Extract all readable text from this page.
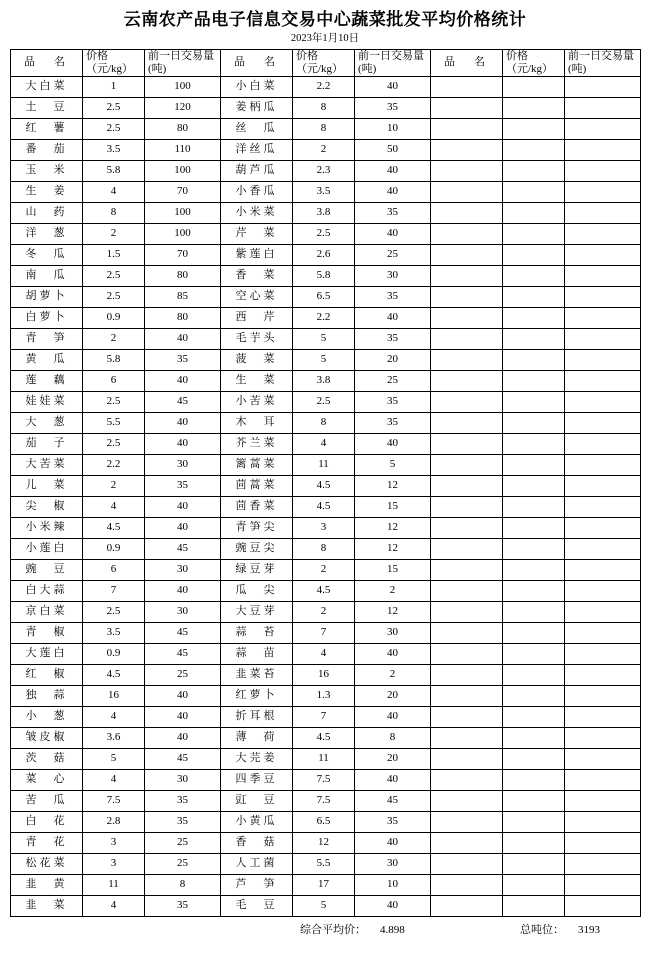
云南农产品电子信息交易中心蔬菜批发平均价格统计
2023年1月10日
品　名	价格（元/kg）	前一日交易量(吨)	品　名	价格（元/kg）	前一日交易量(吨)	品　名	价格（元/kg）	前一日交易量(吨)

大白菜	1	100	小白菜	2.2	40			
土　豆	2.5	120	姜柄瓜	8	35			
红　薯	2.5	80	丝　瓜	8	10			
番　茄	3.5	110	洋丝瓜	2	50			
玉　米	5.8	100	葫芦瓜	2.3	40			
生　姜	4	70	小香瓜	3.5	40			
山　药	8	100	小米菜	3.8	35			
洋　葱	2	100	芹　菜	2.5	40			
冬　瓜	1.5	70	紫莲白	2.6	25			
南　瓜	2.5	80	香　菜	5.8	30			
胡萝卜	2.5	85	空心菜	6.5	35			
白萝卜	0.9	80	西　芹	2.2	40			
青　笋	2	40	毛芋头	5	35			
黄　瓜	5.8	35	菠　菜	5	20			
莲　藕	6	40	生　菜	3.8	25			
娃娃菜	2.5	45	小苦菜	2.5	35			
大　葱	5.5	40	木　耳	8	35			
茄　子	2.5	40	芥兰菜	4	40			
大苦菜	2.2	30	篱蒿菜	11	5			
儿　菜	2	35	茴蒿菜	4.5	12			
尖　椒	4	40	茴香菜	4.5	15			
小米辣	4.5	40	青笋尖	3	12			
小莲白	0.9	45	豌豆尖	8	12			
豌　豆	6	30	绿豆芽	2	15			
白大蒜	7	40	瓜　尖	4.5	2			
京白菜	2.5	30	大豆芽	2	12			
青　椒	3.5	45	蒜　苔	7	30			
大莲白	0.9	45	蒜　苗	4	40			
红　椒	4.5	25	韭菜苔	16	2			
独　蒜	16	40	红萝卜	1.3	20			
小　葱	4	40	折耳根	7	40			
皱皮椒	3.6	40	薄　荷	4.5	8			
茨　菇	5	45	大芫姜	11	20			
菜　心	4	30	四季豆	7.5	40			
苦　瓜	7.5	35	豇　豆	7.5	45			
白　花	2.8	35	小黄瓜	6.5	35			
青　花	3	25	香　菇	12	40			
松花菜	3	25	人工菌	5.5	30			
韭　黄	11	8	芦　笋	17	10			
韭　菜	4	35	毛　豆	5	40			
综合平均价： 4.898	总吨位： 3193
